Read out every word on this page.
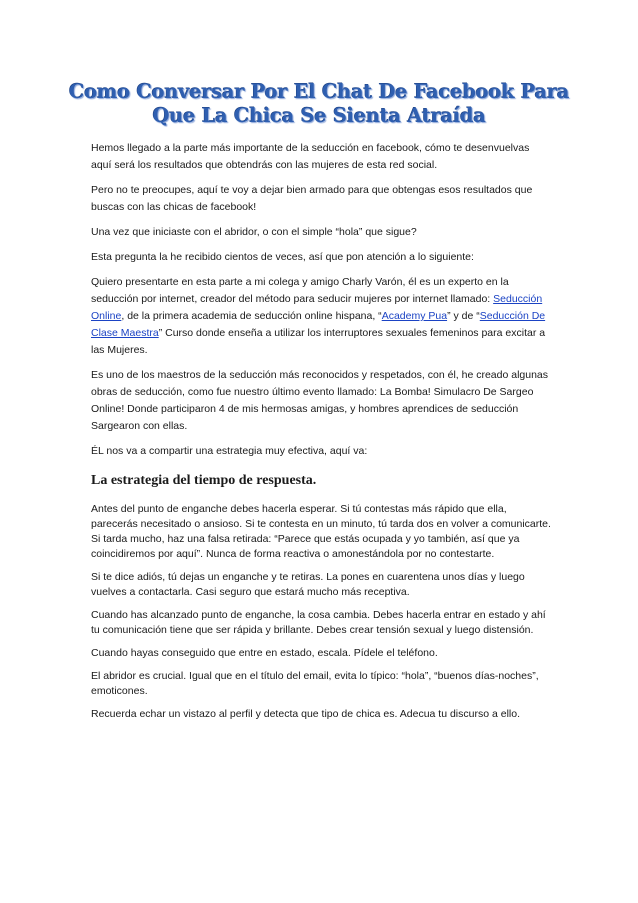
Como Conversar Por El Chat De Facebook Para
Que La Chica Se Sienta Atraída

Hemos llegado a la parte más importante de la seducción en facebook, cómo te desenvuelvas aquí será los resultados que obtendrás con las mujeres de esta red social.

Pero no te preocupes, aquí te voy a dejar bien armado para que obtengas esos resultados que buscas con las chicas de facebook!

Una vez que iniciaste con el abridor, o con el simple “hola” que sigue?

Esta pregunta la he recibido cientos de veces, así que pon atención a lo siguiente:

Quiero presentarte en esta parte a mi colega y amigo Charly Varón, él es un experto en la seducción por internet, creador del método para seducir mujeres por internet llamado: Seducción Online, de la primera academia de seducción online hispana, “Academy Pua” y de “Seducción De Clase Maestra” Curso donde enseña a utilizar los interruptores sexuales femeninos para excitar a las Mujeres.

Es uno de los maestros de la seducción más reconocidos y respetados, con él, he creado algunas obras de seducción, como fue nuestro último evento llamado: La Bomba! Simulacro De Sargeo Online! Donde participaron 4 de mis hermosas amigas, y hombres aprendices de seducción Sargearon con ellas.

ÉL nos va a compartir una estrategia muy efectiva, aquí va:

La estrategia del tiempo de respuesta.

Antes del punto de enganche debes hacerla esperar. Si tú contestas más rápido que ella, parecerás necesitado o ansioso. Si te contesta en un minuto, tú tarda dos en volver a comunicarte. Si tarda mucho, haz una falsa retirada: “Parece que estás ocupada y yo también, así que ya coincidiremos por aquí”. Nunca de forma reactiva o amonestándola por no contestarte.

Si te dice adiós, tú dejas un enganche y te retiras. La pones en cuarentena unos días y luego vuelves a contactarla. Casi seguro que estará mucho más receptiva.

Cuando has alcanzado punto de enganche, la cosa cambia. Debes hacerla entrar en estado y ahí tu comunicación tiene que ser rápida y brillante. Debes crear tensión sexual y luego distensión.

Cuando hayas conseguido que entre en estado, escala. Pídele el teléfono.

El abridor es crucial. Igual que en el título del email, evita lo típico: “hola”, “buenos días-noches”, emoticones.

Recuerda echar un vistazo al perfil y detecta que tipo de chica es. Adecua tu discurso a ello.
